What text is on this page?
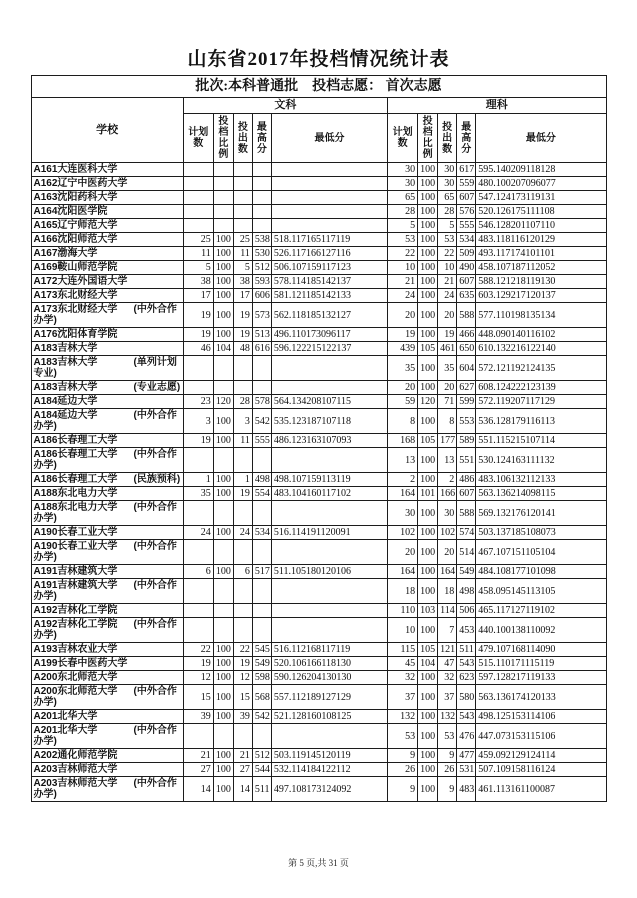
山东省2017年投档情况统计表
批次:本科普通批　投档志愿： 首次志愿										
学校	文科					理科				
	计划数	投档比例	投出数	最高分	最低分	计划数	投档比例	投出数	最高分	最低分
A161大连医科大学						30	100	30	617	595.140209118128
A162辽宁中医药大学						30	100	30	559	480.100207096077
A163沈阳药科大学						65	100	65	607	547.124173119131
A164沈阳医学院						28	100	28	576	520.126175111108
A165辽宁师范大学						5	100	5	555	546.128201107110
A166沈阳师范大学	25	100	25	538	518.117165117119	53	100	53	534	483.118116120129
A167渤海大学	11	100	11	530	526.117166127116	22	100	22	509	493.117174101101
A169鞍山师范学院	5	100	5	512	506.107159117123	10	100	10	490	458.107187112052
A172大连外国语大学	38	100	38	593	578.114185142137	21	100	21	607	588.121218119130
A173东北财经大学	17	100	17	606	581.121185142133	24	100	24	635	603.129217120137
A173东北财经大学 (中外合作办学)	19	100	19	573	562.118185132127	20	100	20	588	577.110198135134
A176沈阳体育学院	19	100	19	513	496.110173096117	19	100	19	466	448.090140116102
A183吉林大学	46	104	48	616	596.122215122137	439	105	461	650	610.132216122140
A183吉林大学 (单列计划专业)						35	100	35	604	572.121192124135
A183吉林大学 (专业志愿)						20	100	20	627	608.124222123139
A184延边大学	23	120	28	578	564.134208107115	59	120	71	599	572.119207117129
A184延边大学 (中外合作办学)	3	100	3	542	535.123187107118	8	100	8	553	536.128179116113
A186长春理工大学	19	100	11	555	486.123163107093	168	105	177	589	551.115215107114
A186长春理工大学 (中外合作办学)						13	100	13	551	530.124163111132
A186长春理工大学 (民族预科)	1	100	1	498	498.107159113119	2	100	2	486	483.106132112133
A188东北电力大学	35	100	19	554	483.104160117102	164	101	166	607	563.136214098115
A188东北电力大学 (中外合作办学)						30	100	30	588	569.132176120141
A190长春工业大学	24	100	24	534	516.114191120091	102	100	102	574	503.137185108073
A190长春工业大学 (中外合作办学)						20	100	20	514	467.107151105104
A191吉林建筑大学	6	100	6	517	511.105180120106	164	100	164	549	484.108177101098
A191吉林建筑大学 (中外合作办学)						18	100	18	498	458.095145113105
A192吉林化工学院						110	103	114	506	465.117127119102
A192吉林化工学院 (中外合作办学)						10	100	7	453	440.100138110092
A193吉林农业大学	22	100	22	545	516.112168117119	115	105	121	511	479.107168114090
A199长春中医药大学	19	100	19	549	520.106166118130	45	104	47	543	515.110171115119
A200东北师范大学	12	100	12	598	590.126204130130	32	100	32	623	597.128217119133
A200东北师范大学 (中外合作办学)	15	100	15	568	557.112189127129	37	100	37	580	563.136174120133
A201北华大学	39	100	39	542	521.128160108125	132	100	132	543	498.125153114106
A201北华大学 (中外合作办学)						53	100	53	476	447.073153115106
A202通化师范学院	21	100	21	512	503.119145120119	9	100	9	477	459.092129124114
A203吉林师范大学	27	100	27	544	532.114184122112	26	100	26	531	507.109158116124
A203吉林师范大学 (中外合作办学)	14	100	14	511	497.108173124092	9	100	9	483	461.113161100087
第 5 页,共 31 页
